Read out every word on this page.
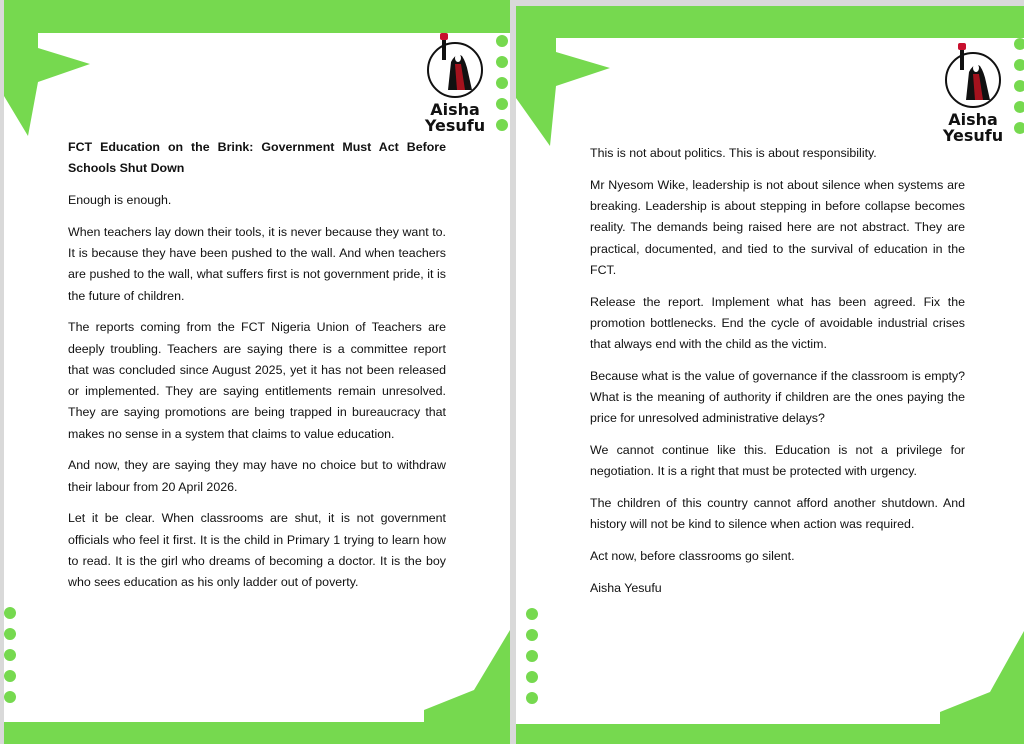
Aisha
Yesufu

FCT Education on the Brink: Government Must Act Before Schools Shut Down

Enough is enough.

When teachers lay down their tools, it is never because they want to. It is because they have been pushed to the wall. And when teachers are pushed to the wall, what suffers first is not government pride, it is the future of children.

The reports coming from the FCT Nigeria Union of Teachers are deeply troubling. Teachers are saying there is a committee report that was concluded since August 2025, yet it has not been released or implemented. They are saying entitlements remain unresolved. They are saying promotions are being trapped in bureaucracy that makes no sense in a system that claims to value education.

And now, they are saying they may have no choice but to withdraw their labour from 20 April 2026.

Let it be clear. When classrooms are shut, it is not government officials who feel it first. It is the child in Primary 1 trying to learn how to read. It is the girl who dreams of becoming a doctor. It is the boy who sees education as his only ladder out of poverty.

Aisha
Yesufu

This is not about politics. This is about responsibility.

Mr Nyesom Wike, leadership is not about silence when systems are breaking. Leadership is about stepping in before collapse becomes reality. The demands being raised here are not abstract. They are practical, documented, and tied to the survival of education in the FCT.

Release the report. Implement what has been agreed. Fix the promotion bottlenecks. End the cycle of avoidable industrial crises that always end with the child as the victim.

Because what is the value of governance if the classroom is empty? What is the meaning of authority if children are the ones paying the price for unresolved administrative delays?

We cannot continue like this. Education is not a privilege for negotiation. It is a right that must be protected with urgency.

The children of this country cannot afford another shutdown. And history will not be kind to silence when action was required.

Act now, before classrooms go silent.

Aisha Yesufu
